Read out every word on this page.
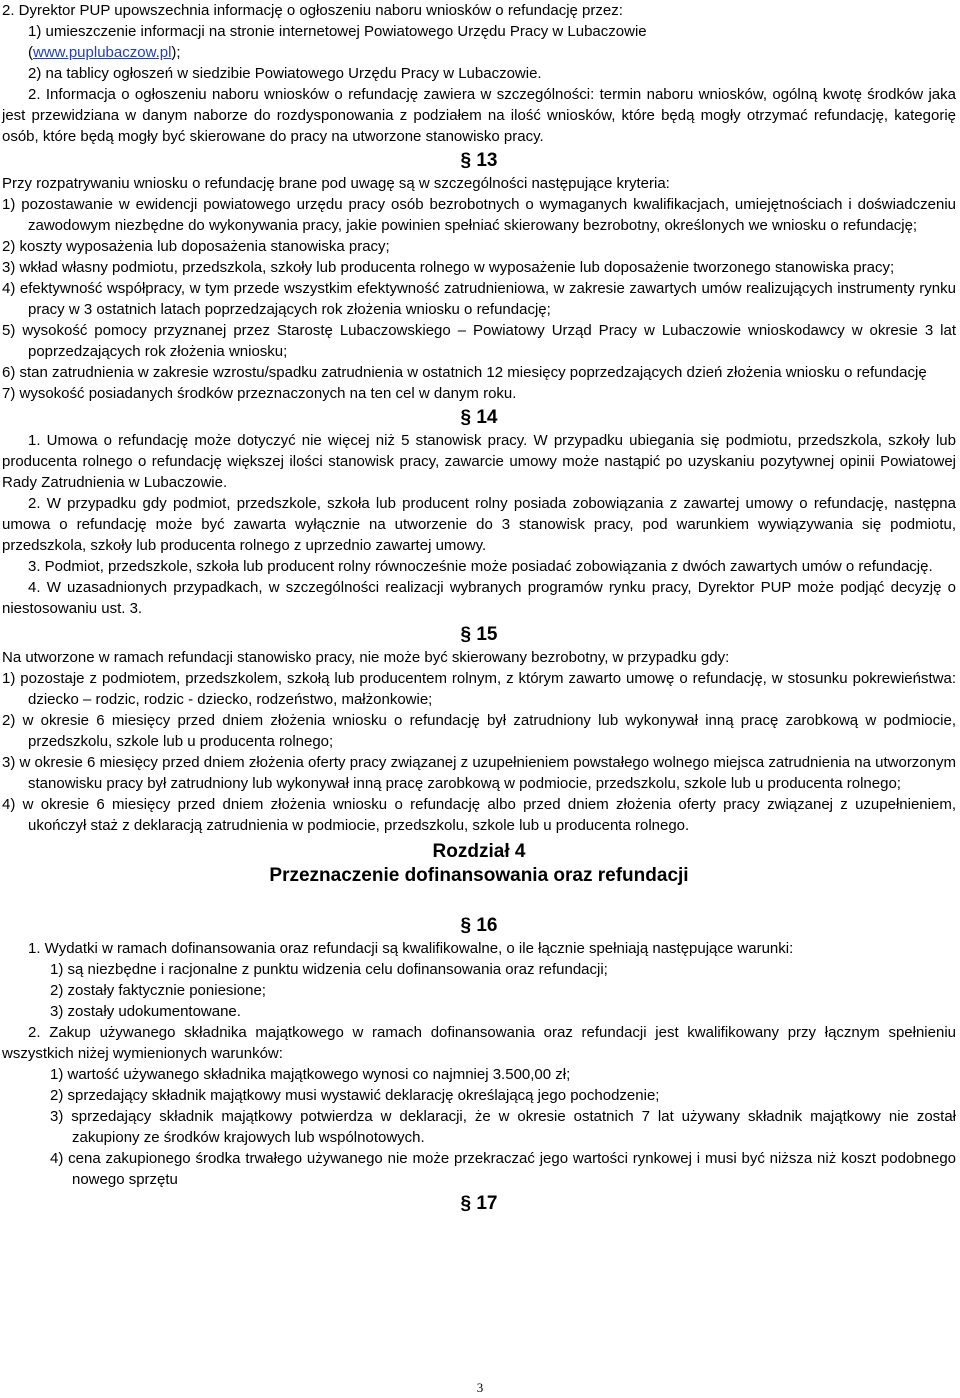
2. Dyrektor PUP upowszechnia informację o ogłoszeniu naboru wniosków o refundację przez:

1) umieszczenie informacji na stronie internetowej Powiatowego Urzędu Pracy w Lubaczowie
(www.puplubaczow.pl);

2) na tablicy ogłoszeń w siedzibie Powiatowego Urzędu Pracy w Lubaczowie.

2. Informacja o ogłoszeniu naboru wniosków o refundację zawiera w szczególności: termin naboru wniosków, ogólną kwotę środków jaka jest przewidziana w danym naborze do rozdysponowania z podziałem na ilość wniosków, które będą mogły otrzymać refundację, kategorię osób, które będą mogły być skierowane do pracy na utworzone stanowisko pracy.

§ 13

Przy rozpatrywaniu wniosku o refundację brane pod uwagę są w szczególności następujące kryteria:

1) pozostawanie w ewidencji powiatowego urzędu pracy osób bezrobotnych o wymaganych kwalifikacjach, umiejętnościach i doświadczeniu zawodowym niezbędne do wykonywania pracy, jakie powinien spełniać skierowany bezrobotny, określonych we wniosku o refundację;

2) koszty wyposażenia lub doposażenia stanowiska pracy;

3) wkład własny podmiotu, przedszkola, szkoły lub producenta rolnego w wyposażenie lub doposażenie tworzonego stanowiska pracy;

4) efektywność współpracy, w tym przede wszystkim efektywność zatrudnieniowa, w zakresie zawartych umów realizujących instrumenty rynku pracy w 3 ostatnich latach poprzedzających rok złożenia wniosku o refundację;

5) wysokość pomocy przyznanej przez Starostę Lubaczowskiego – Powiatowy Urząd Pracy w Lubaczowie wnioskodawcy w okresie 3 lat poprzedzających rok złożenia wniosku;

6) stan zatrudnienia w zakresie wzrostu/spadku zatrudnienia w ostatnich 12 miesięcy poprzedzających dzień złożenia wniosku o refundację

7) wysokość posiadanych środków przeznaczonych na ten cel w danym roku.

§ 14

1. Umowa o refundację może dotyczyć nie więcej niż 5 stanowisk pracy. W przypadku ubiegania się podmiotu, przedszkola, szkoły lub producenta rolnego o refundację większej ilości stanowisk pracy, zawarcie umowy może nastąpić po uzyskaniu pozytywnej opinii Powiatowej Rady Zatrudnienia w Lubaczowie.

2. W przypadku gdy podmiot, przedszkole, szkoła lub producent rolny posiada zobowiązania z zawartej umowy o refundację, następna umowa o refundację może być zawarta wyłącznie na utworzenie do 3 stanowisk pracy, pod warunkiem wywiązywania się podmiotu, przedszkola, szkoły lub producenta rolnego z uprzednio zawartej umowy.

3. Podmiot, przedszkole, szkoła lub producent rolny równocześnie może posiadać zobowiązania z dwóch zawartych umów o refundację.

4. W uzasadnionych przypadkach, w szczególności realizacji wybranych programów rynku pracy, Dyrektor PUP może podjąć decyzję o niestosowaniu ust. 3.

§ 15

Na utworzone w ramach refundacji stanowisko pracy, nie może być skierowany bezrobotny, w przypadku gdy:

1) pozostaje z podmiotem, przedszkolem, szkołą lub producentem rolnym, z którym zawarto umowę o refundację, w stosunku pokrewieństwa: dziecko – rodzic, rodzic - dziecko, rodzeństwo, małżonkowie;

2) w okresie 6 miesięcy przed dniem złożenia wniosku o refundację był zatrudniony lub wykonywał inną pracę zarobkową w podmiocie, przedszkolu, szkole lub u producenta rolnego;

3) w okresie 6 miesięcy przed dniem złożenia oferty pracy związanej z uzupełnieniem powstałego wolnego miejsca zatrudnienia na utworzonym stanowisku pracy był zatrudniony lub wykonywał inną pracę zarobkową w podmiocie, przedszkolu, szkole lub u producenta rolnego;

4) w okresie 6 miesięcy przed dniem złożenia wniosku o refundację albo przed dniem złożenia oferty pracy związanej z uzupełnieniem, ukończył staż z deklaracją zatrudnienia w podmiocie, przedszkolu, szkole lub u producenta rolnego.

Rozdział 4

Przeznaczenie dofinansowania oraz refundacji

§ 16

1. Wydatki w ramach dofinansowania oraz refundacji są kwalifikowalne, o ile łącznie spełniają następujące warunki:

1) są niezbędne i racjonalne z punktu widzenia celu dofinansowania oraz refundacji;

2) zostały faktycznie poniesione;

3) zostały udokumentowane.

2. Zakup używanego składnika majątkowego w ramach dofinansowania oraz refundacji jest kwalifikowany przy łącznym spełnieniu wszystkich niżej wymienionych warunków:

1) wartość używanego składnika majątkowego wynosi co najmniej 3.500,00 zł;

2) sprzedający składnik majątkowy musi wystawić deklarację określającą jego pochodzenie;

3) sprzedający składnik majątkowy potwierdza w deklaracji, że w okresie ostatnich 7 lat używany składnik majątkowy nie został zakupiony ze środków krajowych lub wspólnotowych.

4) cena zakupionego środka trwałego używanego nie może przekraczać jego wartości rynkowej i musi być niższa niż koszt podobnego nowego sprzętu

§ 17

3
